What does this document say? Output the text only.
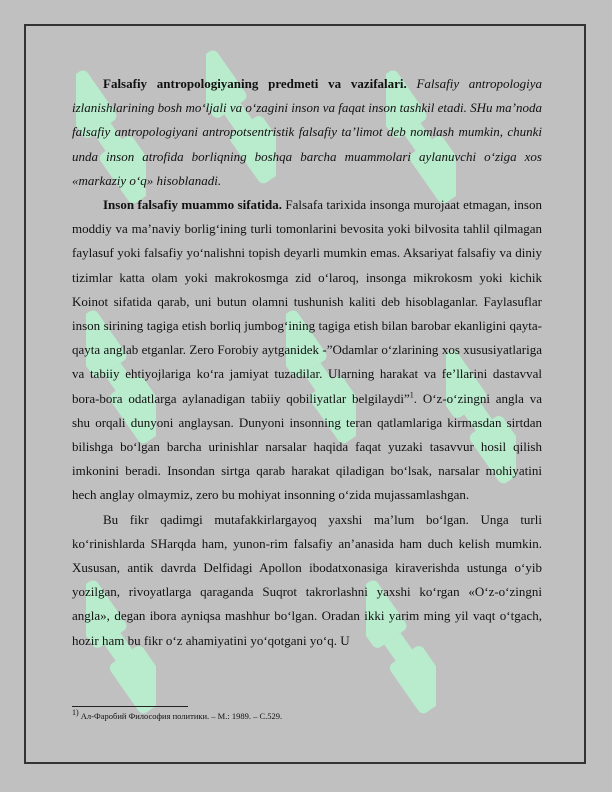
Falsafiy antropologiyaning predmeti va vazifalari. Falsafiy antropologiya izlanishlarining bosh moʻljali va oʻzagini inson va faqat inson tashkil etadi. SHu ma’noda falsafiy antropologiyani antropotsentristik falsafiy ta’limot deb nomlash mumkin, chunki unda inson atrofida borliqning boshqa barcha muammolari aylanuvchi oʻziga xos «markaziy oʻq» hisoblanadi.

Inson falsafiy muammo sifatida. Falsafa tarixida insonga murojaat etmagan, inson moddiy va ma’naviy borligʻining turli tomonlarini bevosita yoki bilvosita tahlil qilmagan faylasuf yoki falsafiy yoʻnalishni topish deyarli mumkin emas. Aksariyat falsafiy va diniy tizimlar katta olam yoki makrokosmga zid oʻlaroq, insonga mikrokosm yoki kichik Koinot sifatida qarab, uni butun olamni tushunish kaliti deb hisoblaganlar. Faylasuflar inson sirining tagiga etish borliq jumbogʻining tagiga etish bilan barobar ekanligini qayta-qayta anglab etganlar. Zero Forobiy aytganidek -”Odamlar oʻzlarining xos xususiyatlariga va tabiiy ehtiyojlariga koʻra jamiyat tuzadilar. Ularning harakat va fe’llarini dastavval bora-bora odatlarga aylanadigan tabiiy qobiliyatlar belgilaydi”$^1$. Oʻz-oʻzingni angla va shu orqali dunyoni anglaysan. Dunyoni insonning teran qatlamlariga kirmasdan sirtdan bilishga boʻlgan barcha urinishlar narsalar haqida faqat yuzaki tasavvur hosil qilish imkonini beradi. Insondan sirtga qarab harakat qiladigan boʻlsak, narsalar mohiyatini hech anglay olmaymiz, zero bu mohiyat insonning oʻzida mujassamlashgan.

Bu fikr qadimgi mutafakkirlargayoq yaxshi ma’lum boʻlgan. Unga turli koʻrinishlarda SHarqda ham, yunon-rim falsafiy an’anasida ham duch kelish mumkin. Xususan, antik davrda Delfidagi Apollon ibodatxonasiga kiraverishda ustunga oʻyib yozilgan, rivoyatlarga qaraganda Suqrot takrorlashni yaxshi koʻrgan «Oʻz-oʻzingni angla», degan ibora ayniqsa mashhur boʻlgan. Oradan ikki yarim ming yil vaqt oʻtgach, hozir ham bu fikr oʻz ahamiyatini yoʻqotgani yoʻq. U

$^{1)}$ Ал-Фаробий Философия политики. – М.: 1989. – С.529.
